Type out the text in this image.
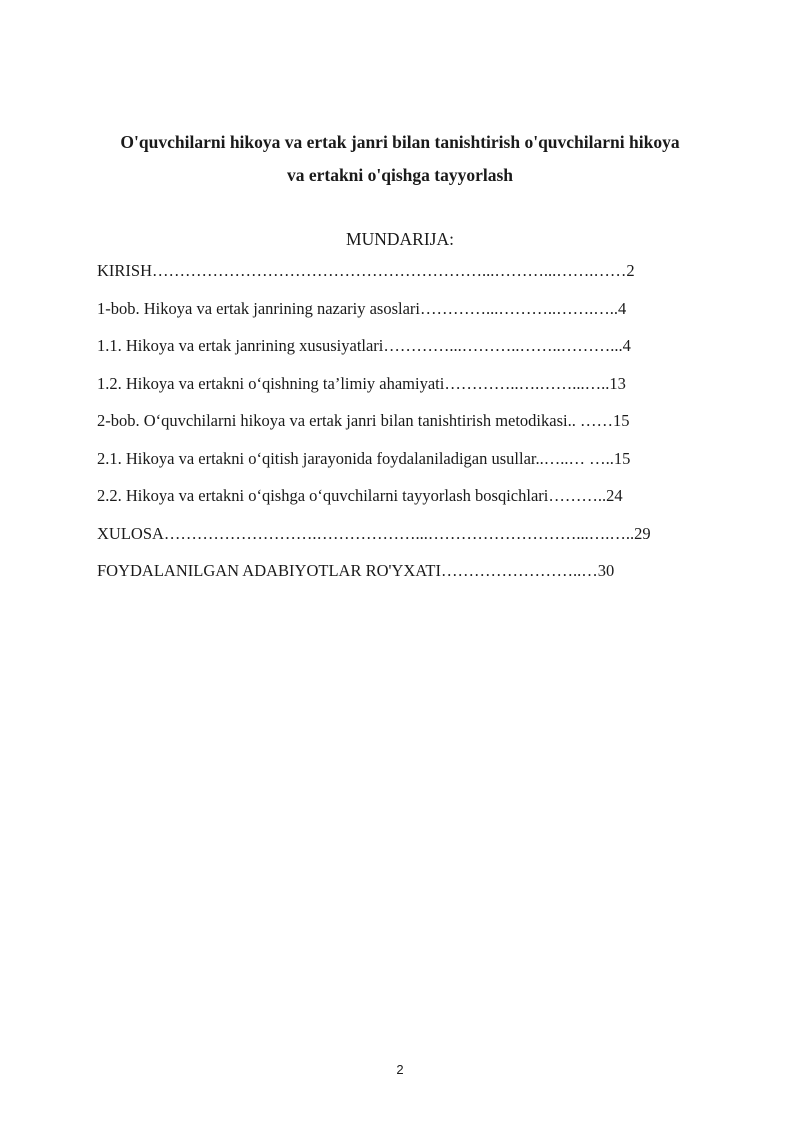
O'quvchilarni hikoya va ertak janri bilan tanishtirish o'quvchilarni hikoya
va ertakni o'qishga tayyorlash
MUNDARIJA:
KIRISH……………………………………………………...………...…….……2
1-bob. Hikoya va ertak janrining nazariy asoslari…………...………..…….…..4
1.1. Hikoya va ertak janrining xususiyatlari…………...………..……..………...4
1.2. Hikoya va ertakni o‘qishning ta’limiy ahamiyati…………..….……...…..13
2-bob. O‘quvchilarni hikoya va ertak janri bilan tanishtirish metodikasi.. ……15
2.1. Hikoya va ertakni o‘qitish jarayonida foydalaniladigan usullar..…..… …..15
2.2. Hikoya va ertakni o‘qishga o‘quvchilarni tayyorlash bosqichlari………..24
XULOSA……………………….………………...………………………...….…..29
FOYDALANILGAN ADABIYOTLAR RO'YXATI……………………..…30
2
